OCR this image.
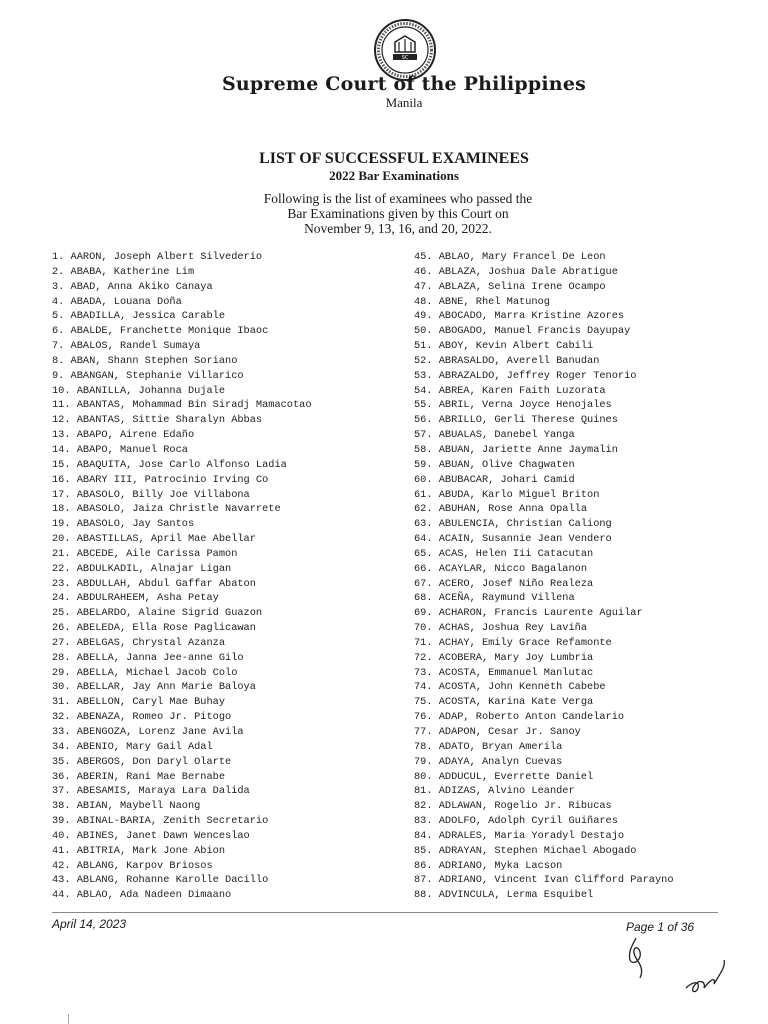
SC
Supreme Court of the Philippines
Manila
LIST OF SUCCESSFUL EXAMINEES
2022 Bar Examinations
Following is the list of examinees who passed the
Bar Examinations given by this Court on
November 9, 13, 16, and 20, 2022.
1. AARON, Joseph Albert Silvederio
2. ABABA, Katherine Lim
3. ABAD, Anna Akiko Canaya
4. ABADA, Louana Doña
5. ABADILLA, Jessica Carable
6. ABALDE, Franchette Monique Ibaoc
7. ABALOS, Randel Sumaya
8. ABAN, Shann Stephen Soriano
9. ABANGAN, Stephanie Villarico
10. ABANILLA, Johanna Dujale
11. ABANTAS, Mohammad Bin Siradj Mamacotao
12. ABANTAS, Sittie Sharalyn Abbas
13. ABAPO, Airene Edaño
14. ABAPO, Manuel Roca
15. ABAQUITA, Jose Carlo Alfonso Ladia
16. ABARY III, Patrocinio Irving Co
17. ABASOLO, Billy Joe Villabona
18. ABASOLO, Jaiza Christle Navarrete
19. ABASOLO, Jay Santos
20. ABASTILLAS, April Mae Abellar
21. ABCEDE, Aile Carissa Pamon
22. ABDULKADIL, Alnajar Ligan
23. ABDULLAH, Abdul Gaffar Abaton
24. ABDULRAHEEM, Asha Petay
25. ABELARDO, Alaine Sigrid Guazon
26. ABELEDA, Ella Rose Paglicawan
27. ABELGAS, Chrystal Azanza
28. ABELLA, Janna Jee-anne Gilo
29. ABELLA, Michael Jacob Colo
30. ABELLAR, Jay Ann Marie Baloya
31. ABELLON, Caryl Mae Buhay
32. ABENAZA, Romeo Jr. Pitogo
33. ABENGOZA, Lorenz Jane Avila
34. ABENIO, Mary Gail Adal
35. ABERGOS, Don Daryl Olarte
36. ABERIN, Rani Mae Bernabe
37. ABESAMIS, Maraya Lara Dalida
38. ABIAN, Maybell Naong
39. ABINAL-BARIA, Zenith Secretario
40. ABINES, Janet Dawn Wenceslao
41. ABITRIA, Mark Jone Abion
42. ABLANG, Karpov Briosos
43. ABLANG, Rohanne Karolle Dacillo
44. ABLAO, Ada Nadeen Dimaano
45. ABLAO, Mary Francel De Leon
46. ABLAZA, Joshua Dale Abratigue
47. ABLAZA, Selina Irene Ocampo
48. ABNE, Rhel Matunog
49. ABOCADO, Marra Kristine Azores
50. ABOGADO, Manuel Francis Dayupay
51. ABOY, Kevin Albert Cabili
52. ABRASALDO, Averell Banudan
53. ABRAZALDO, Jeffrey Roger Tenorio
54. ABREA, Karen Faith Luzorata
55. ABRIL, Verna Joyce Henojales
56. ABRILLO, Gerli Therese Quines
57. ABUALAS, Danebel Yanga
58. ABUAN, Jariette Anne Jaymalin
59. ABUAN, Olive Chagwaten
60. ABUBACAR, Johari Camid
61. ABUDA, Karlo Miguel Briton
62. ABUHAN, Rose Anna Opalla
63. ABULENCIA, Christian Caliong
64. ACAIN, Susannie Jean Vendero
65. ACAS, Helen Iii Catacutan
66. ACAYLAR, Nicco Bagalanon
67. ACERO, Josef Niño Realeza
68. ACEÑA, Raymund Villena
69. ACHARON, Francis Laurente Aguilar
70. ACHAS, Joshua Rey Laviña
71. ACHAY, Emily Grace Refamonte
72. ACOBERA, Mary Joy Lumbria
73. ACOSTA, Emmanuel Manlutac
74. ACOSTA, John Kenneth Cabebe
75. ACOSTA, Karina Kate Verga
76. ADAP, Roberto Anton Candelario
77. ADAPON, Cesar Jr. Sanoy
78. ADATO, Bryan Amerila
79. ADAYA, Analyn Cuevas
80. ADDUCUL, Everrette Daniel
81. ADIZAS, Alvino Leander
82. ADLAWAN, Rogelio Jr. Ribucas
83. ADOLFO, Adolph Cyril Guiñares
84. ADRALES, Maria Yoradyl Destajo
85. ADRAYAN, Stephen Michael Abogado
86. ADRIANO, Myka Lacson
87. ADRIANO, Vincent Ivan Clifford Parayno
88. ADVINCULA, Lerma Esquibel
April 14, 2023	Page 1 of 36
